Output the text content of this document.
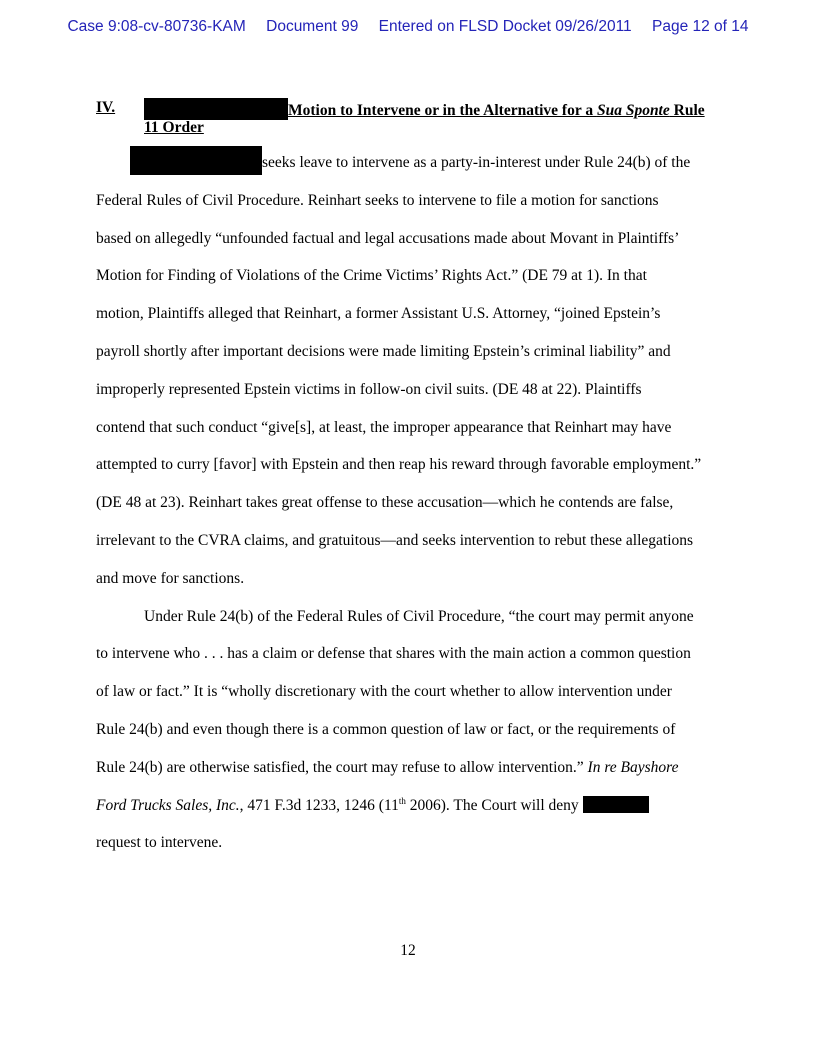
Case 9:08-cv-80736-KAM Document 99 Entered on FLSD Docket 09/26/2011 Page 12 of 14
IV.	Motion to Intervene or in the Alternative for a Sua Sponte Rule
11 Order
seeks leave to intervene as a party-in-interest under Rule 24(b) of the
Federal Rules of Civil Procedure. Reinhart seeks to intervene to file a motion for sanctions
based on allegedly “unfounded factual and legal accusations made about Movant in Plaintiffs’
Motion for Finding of Violations of the Crime Victims’ Rights Act.” (DE 79 at 1). In that
motion, Plaintiffs alleged that Reinhart, a former Assistant U.S. Attorney, “joined Epstein’s
payroll shortly after important decisions were made limiting Epstein’s criminal liability” and
improperly represented Epstein victims in follow-on civil suits. (DE 48 at 22). Plaintiffs
contend that such conduct “give[s], at least, the improper appearance that Reinhart may have
attempted to curry [favor] with Epstein and then reap his reward through favorable employment.”
(DE 48 at 23). Reinhart takes great offense to these accusation—which he contends are false,
irrelevant to the CVRA claims, and gratuitous—and seeks intervention to rebut these allegations
and move for sanctions.
Under Rule 24(b) of the Federal Rules of Civil Procedure, “the court may permit anyone
to intervene who . . . has a claim or defense that shares with the main action a common question
of law or fact.” It is “wholly discretionary with the court whether to allow intervention under
Rule 24(b) and even though there is a common question of law or fact, or the requirements of
Rule 24(b) are otherwise satisfied, the court may refuse to allow intervention.” In re Bayshore
Ford Trucks Sales, Inc., 471 F.3d 1233, 1246 (11th 2006). The Court will deny
request to intervene.
12
